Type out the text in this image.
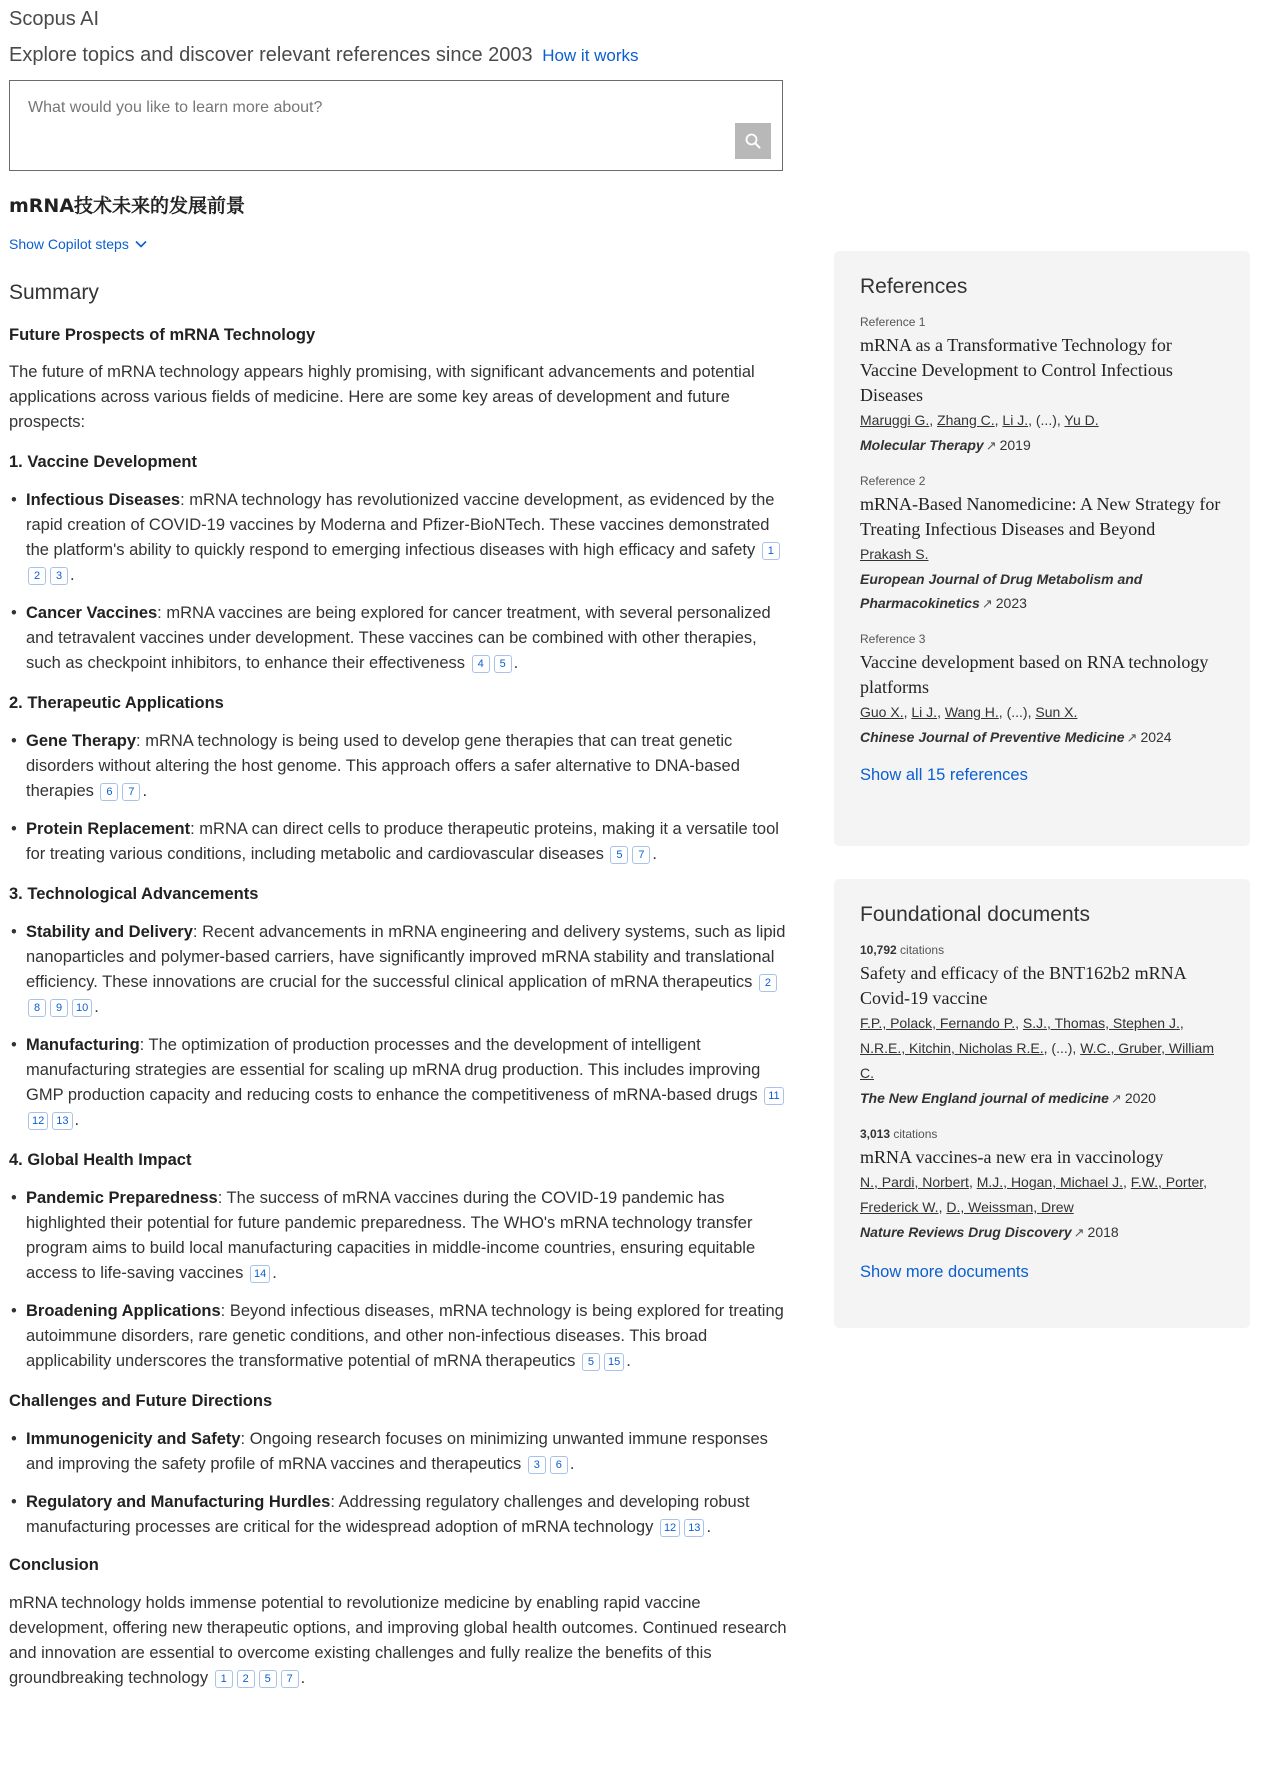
Scopus AI
Explore topics and discover relevant references since 2003 How it works
What would you like to learn more about?
mRNA技术未来的发展前景
Show Copilot steps
Summary
Future Prospects of mRNA Technology

The future of mRNA technology appears highly promising, with significant advancements and potential applications across various fields of medicine. Here are some key areas of development and future prospects:

1. Vaccine Development
• Infectious Diseases: mRNA technology has revolutionized vaccine development, as evidenced by the rapid creation of COVID-19 vaccines by Moderna and Pfizer-BioNTech. These vaccines demonstrated the platform's ability to quickly respond to emerging infectious diseases with high efficacy and safety 12 3 .
• Cancer Vaccines: mRNA vaccines are being explored for cancer treatment, with several personalized and tetravalent vaccines under development. These vaccines can be combined with other therapies, such as checkpoint inhibitors, to enhance their effectiveness 4 5 .
2. Therapeutic Applications
• Gene Therapy: mRNA technology is being used to develop gene therapies that can treat genetic disorders without altering the host genome. This approach offers a safer alternative to DNA-based therapies 6 7 .
• Protein Replacement: mRNA can direct cells to produce therapeutic proteins, making it a versatile tool for treating various conditions, including metabolic and cardiovascular diseases 5 7 .
3. Technological Advancements
• Stability and Delivery: Recent advancements in mRNA engineering and delivery systems, such as lipid nanoparticles and polymer-based carriers, have significantly improved mRNA stability and translational efficiency. These innovations are crucial for the successful clinical application of mRNA therapeutics 28 9 10 .
• Manufacturing: The optimization of production processes and the development of intelligent manufacturing strategies are essential for scaling up mRNA drug production. This includes improving GMP production capacity and reducing costs to enhance the competitiveness of mRNA-based drugs 1112 13 .
4. Global Health Impact
• Pandemic Preparedness: The success of mRNA vaccines during the COVID-19 pandemic has highlighted their potential for future pandemic preparedness. The WHO's mRNA technology transfer program aims to build local manufacturing capacities in middle-income countries, ensuring equitable access to life-saving vaccines 14 .
• Broadening Applications: Beyond infectious diseases, mRNA technology is being explored for treating autoimmune disorders, rare genetic conditions, and other non-infectious diseases. This broad applicability underscores the transformative potential of mRNA therapeutics 5 15 .
Challenges and Future Directions
• Immunogenicity and Safety: Ongoing research focuses on minimizing unwanted immune responses and improving the safety profile of mRNA vaccines and therapeutics 3 6 .
• Regulatory and Manufacturing Hurdles: Addressing regulatory challenges and developing robust manufacturing processes are critical for the widespread adoption of mRNA technology 12 13 .
Conclusion

mRNA technology holds immense potential to revolutionize medicine by enabling rapid vaccine development, offering new therapeutic options, and improving global health outcomes. Continued research and innovation are essential to overcome existing challenges and fully realize the benefits of this groundbreaking technology 1 2 5 7 .

References
Reference 1
mRNA as a Transformative Technology for Vaccine Development to Control Infectious Diseases
Maruggi G., Zhang C., Li J., (...), Yu D.
Molecular Therapy ↗ 2019
Reference 2
mRNA-Based Nanomedicine: A New Strategy for Treating Infectious Diseases and Beyond
Prakash S.
European Journal of Drug Metabolism and Pharmacokinetics ↗ 2023
Reference 3
Vaccine development based on RNA technology platforms
Guo X., Li J., Wang H., (...), Sun X.
Chinese Journal of Preventive Medicine ↗ 2024
Show all 15 references
Foundational documents
10,792 citations
Safety and efficacy of the BNT162b2 mRNA Covid-19 vaccine
F.P., Polack, Fernando P., S.J., Thomas, Stephen J., N.R.E., Kitchin, Nicholas R.E., (...), W.C., Gruber, William C.
The New England journal of medicine ↗ 2020
3,013 citations
mRNA vaccines-a new era in vaccinology
N., Pardi, Norbert, M.J., Hogan, Michael J., F.W., Porter, Frederick W., D., Weissman, Drew
Nature Reviews Drug Discovery ↗ 2018
Show more documents
